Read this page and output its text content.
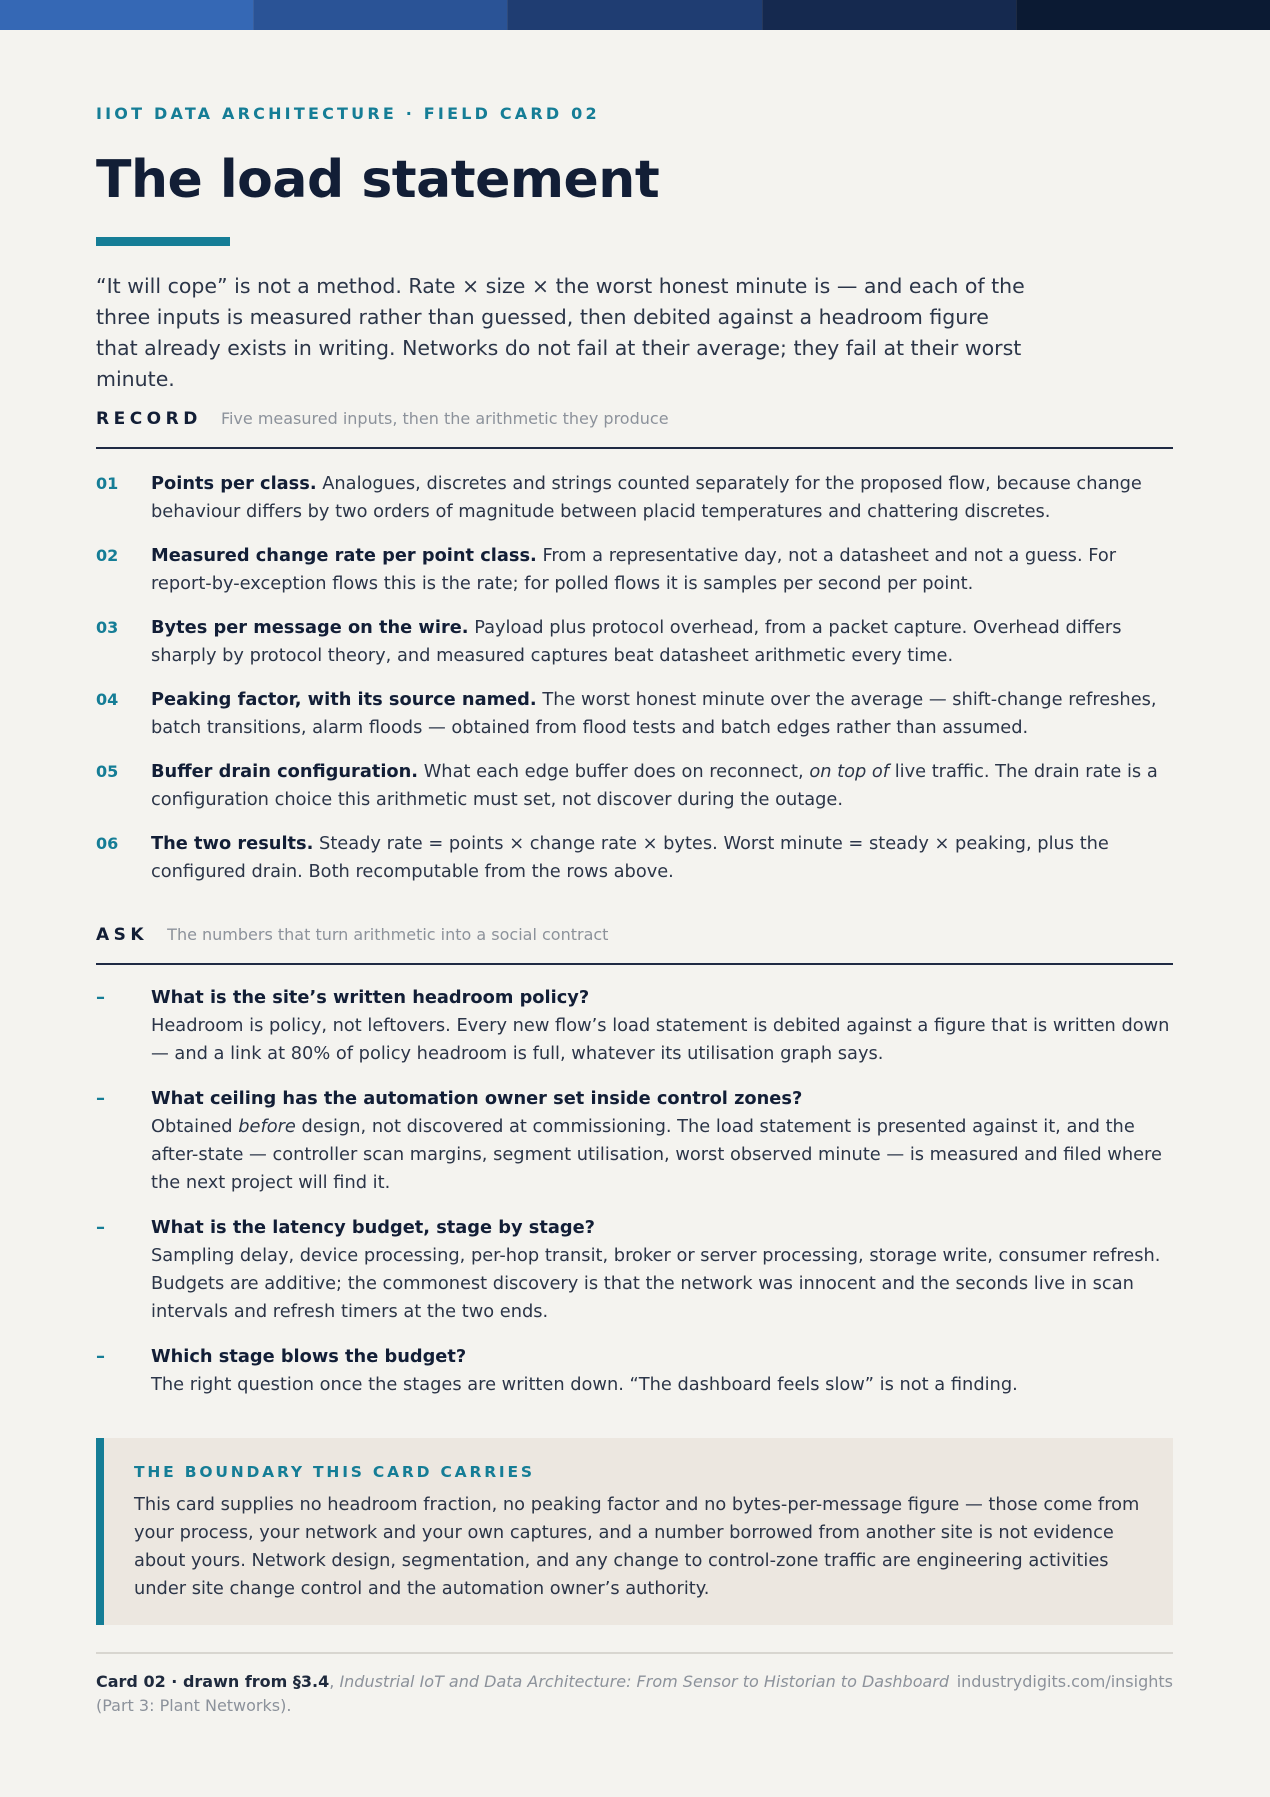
IIOT DATA ARCHITECTURE · FIELD CARD 02
The load statement

“It will cope” is not a method. Rate × size × the worst honest minute is — and each of the three inputs is measured rather than guessed, then debited against a headroom figure that already exists in writing. Networks do not fail at their average; they fail at their worst minute.

RECORD Five measured inputs, then the arithmetic they produce
01 Points per class. Analogues, discretes and strings counted separately for the proposed flow, because change behaviour differs by two orders of magnitude between placid temperatures and chattering discretes.
02 Measured change rate per point class. From a representative day, not a datasheet and not a guess. For report-by-exception flows this is the rate; for polled flows it is samples per second per point.
03 Bytes per message on the wire. Payload plus protocol overhead, from a packet capture. Overhead differs sharply by protocol theory, and measured captures beat datasheet arithmetic every time.
04 Peaking factor, with its source named. The worst honest minute over the average — shift-change refreshes, batch transitions, alarm floods — obtained from flood tests and batch edges rather than assumed.
05 Buffer drain configuration. What each edge buffer does on reconnect, on top of live traffic. The drain rate is a configuration choice this arithmetic must set, not discover during the outage.
06 The two results. Steady rate = points × change rate × bytes. Worst minute = steady × peaking, plus the configured drain. Both recomputable from the rows above.
ASK The numbers that turn arithmetic into a social contract
–	What is the site’s written headroom policy?
Headroom is policy, not leftovers. Every new flow’s load statement is debited against a figure that is written down — and a link at 80% of policy headroom is full, whatever its utilisation graph says.
–	What ceiling has the automation owner set inside control zones?
Obtained before design, not discovered at commissioning. The load statement is presented against it, and the after-state — controller scan margins, segment utilisation, worst observed minute — is measured and filed where the next project will find it.
–	What is the latency budget, stage by stage?
Sampling delay, device processing, per-hop transit, broker or server processing, storage write, consumer refresh. Budgets are additive; the commonest discovery is that the network was innocent and the seconds live in scan intervals and refresh timers at the two ends.
–	Which stage blows the budget?
The right question once the stages are written down. “The dashboard feels slow” is not a finding.
THE BOUNDARY THIS CARD CARRIES
This card supplies no headroom fraction, no peaking factor and no bytes-per-message figure — those come from your process, your network and your own captures, and a number borrowed from another site is not evidence about yours. Network design, segmentation, and any change to control-zone traffic are engineering activities under site change control and the automation owner’s authority.
Card 02 · drawn from §3.4, Industrial IoT and Data Architecture: From Sensor to Historian to Dashboard (Part 3: Plant Networks).
industrydigits.com/insights
